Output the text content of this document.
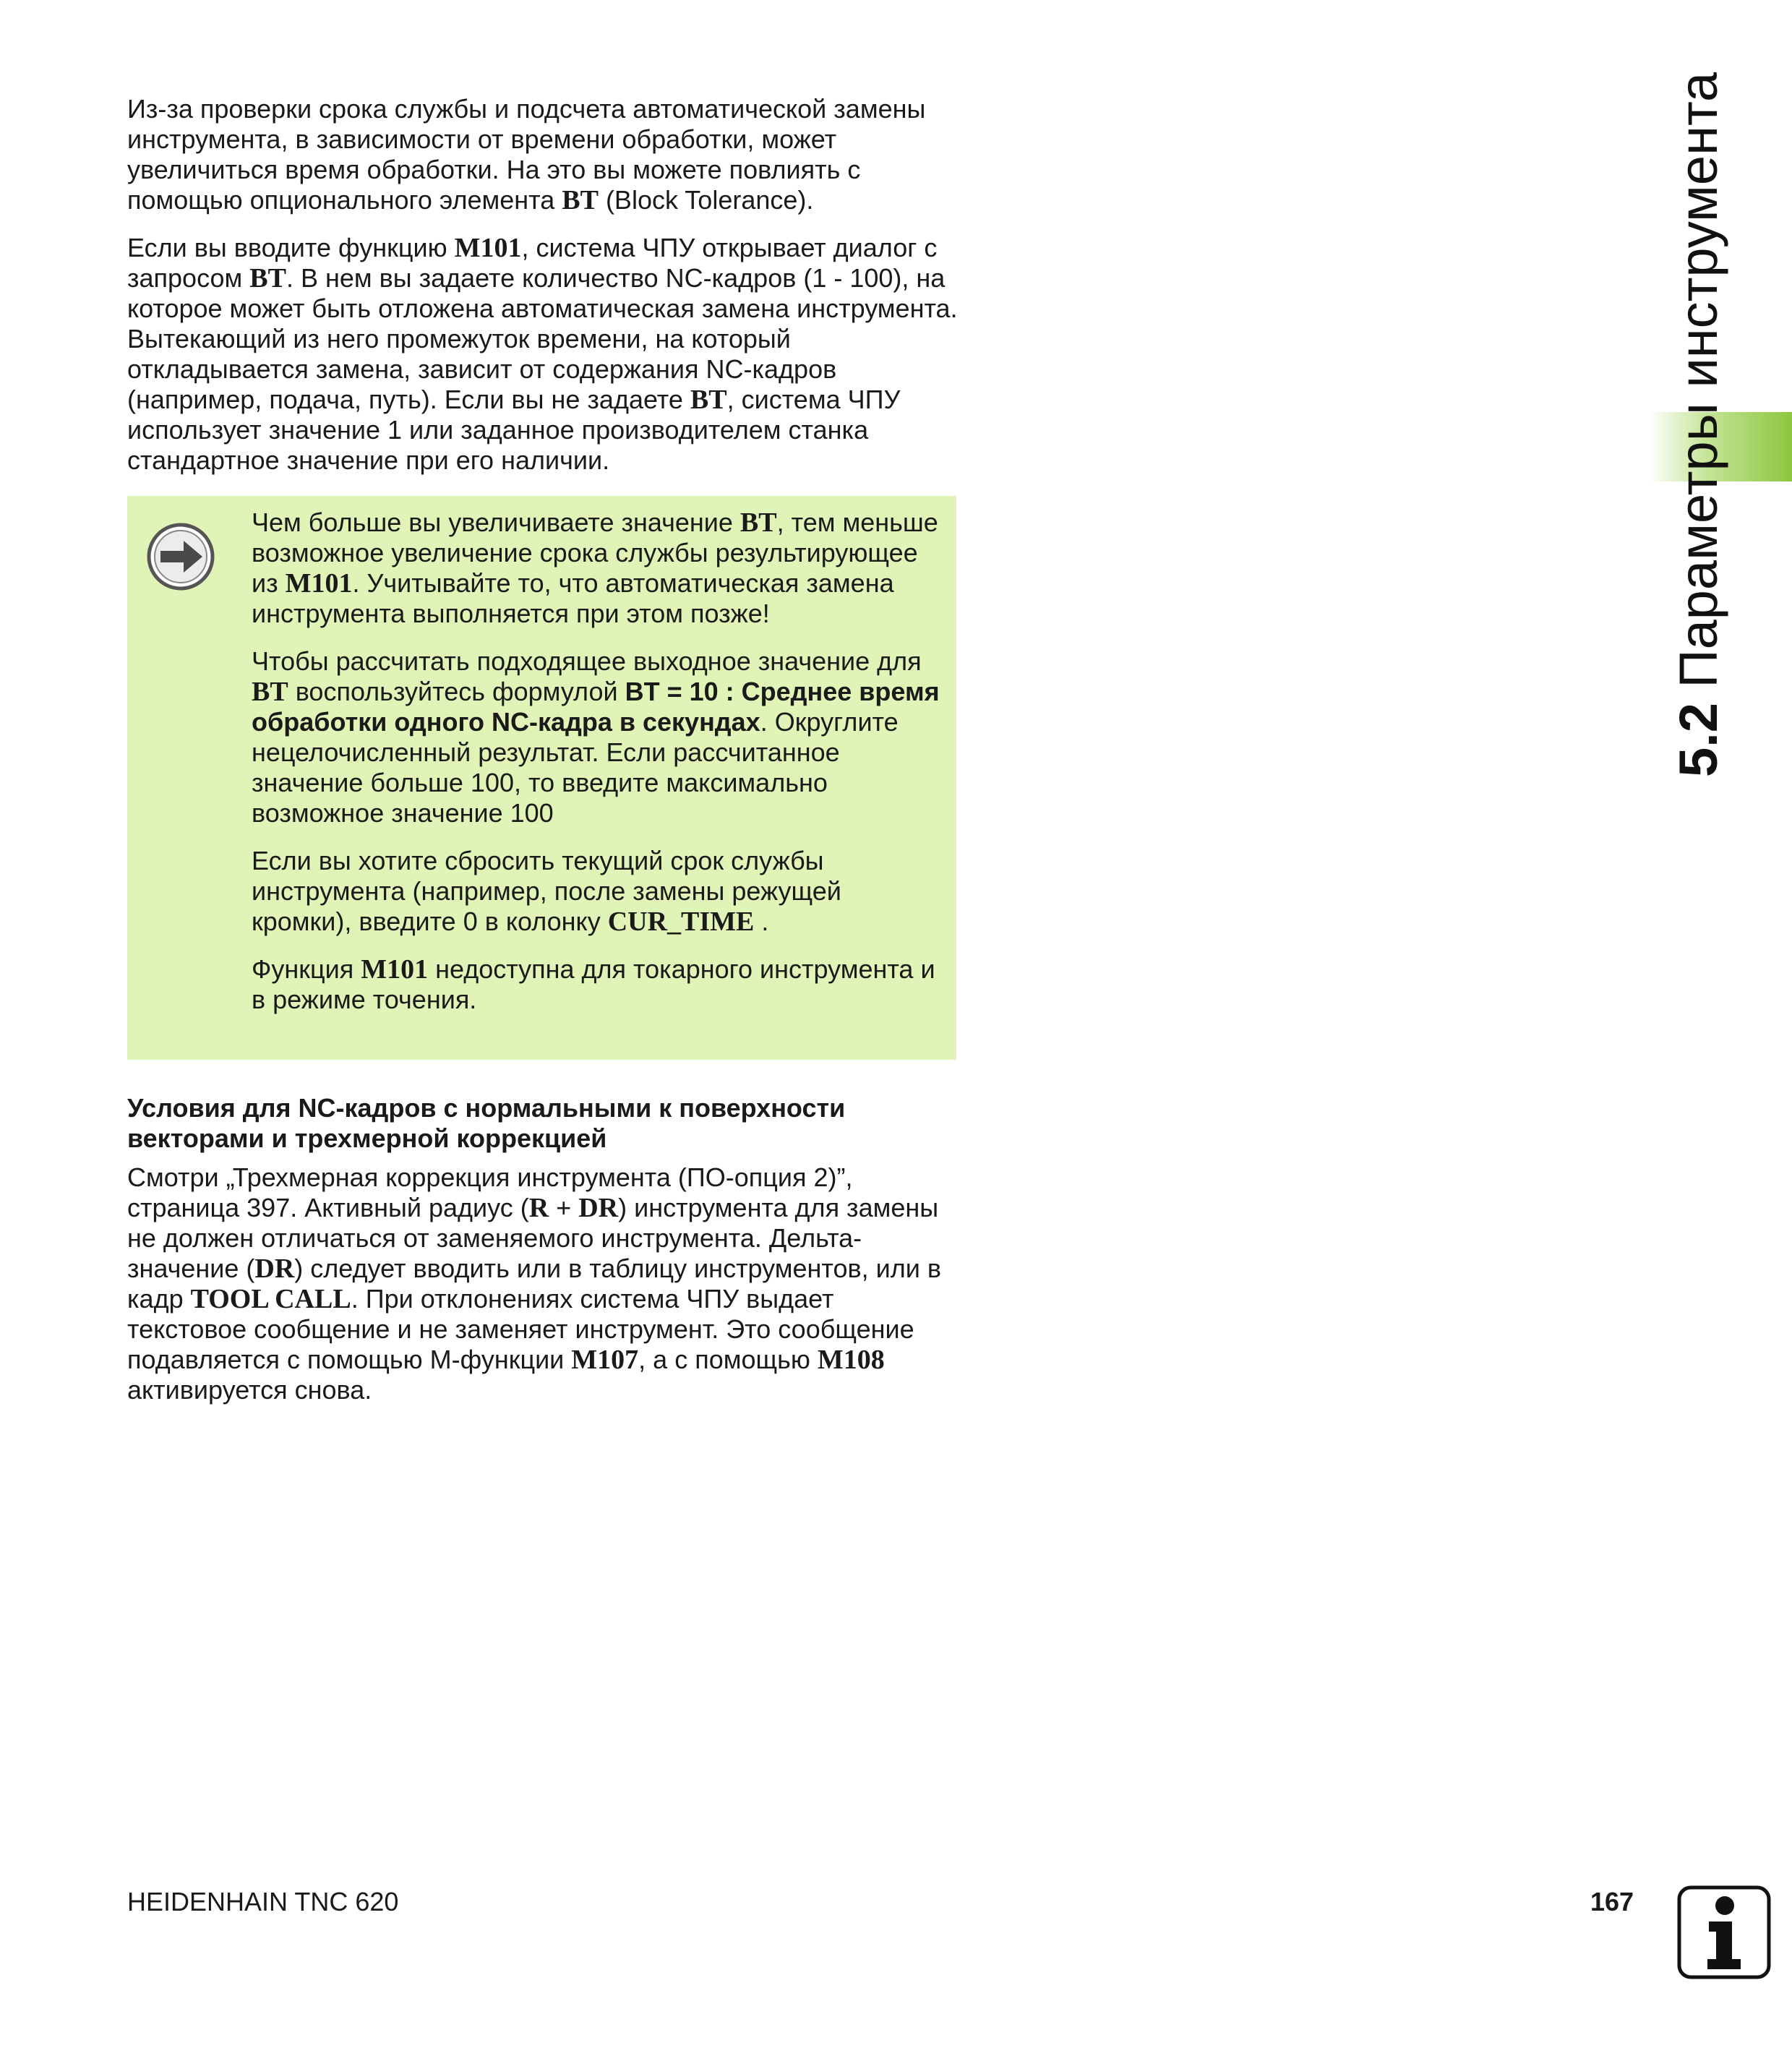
Из-за проверки срока службы и подсчета автоматической замены инструмента, в зависимости от времени обработки, может увеличиться время обработки. На это вы можете повлиять с помощью опционального элемента BT (Block Tolerance).

Если вы вводите функцию M101, система ЧПУ открывает диалог с запросом BT. В нем вы задаете количество NC-кадров (1 - 100), на которое может быть отложена автоматическая замена инструмента. Вытекающий из него промежуток времени, на который откладывается замена, зависит от содержания NC-кадров (например, подача, путь). Если вы не задаете BT, система ЧПУ использует значение 1 или заданное производителем станка стандартное значение при его наличии.

Чем больше вы увеличиваете значение BT, тем меньше возможное увеличение срока службы результирующее из M101. Учитывайте то, что автоматическая замена инструмента выполняется при этом позже!

Чтобы рассчитать подходящее выходное значение для BT воспользуйтесь формулой BT = 10 : Среднее время обработки одного NC-кадра в секундах. Округлите нецелочисленный результат. Если рассчитанное значение больше 100, то введите максимально возможное значение 100

Если вы хотите сбросить текущий срок службы инструмента (например, после замены режущей кромки), введите 0 в колонку CUR_TIME .

Функция M101 недоступна для токарного инструмента и в режиме точения.

Условия для NC-кадров с нормальными к поверхности векторами и трехмерной коррекцией

Смотри „Трехмерная коррекция инструмента (ПО-опция 2)”, страница 397. Активный радиус (R + DR) инструмента для замены не должен отличаться от заменяемого инструмента. Дельта-значение (DR) следует вводить или в таблицу инструментов, или в кадр TOOL CALL. При отклонениях система ЧПУ выдает текстовое сообщение и не заменяет инструмент. Это сообщение подавляется с помощью М-функции M107, а с помощью M108 активируется снова.

5.2 Параметры инструмента
HEIDENHAIN TNC 620	167
